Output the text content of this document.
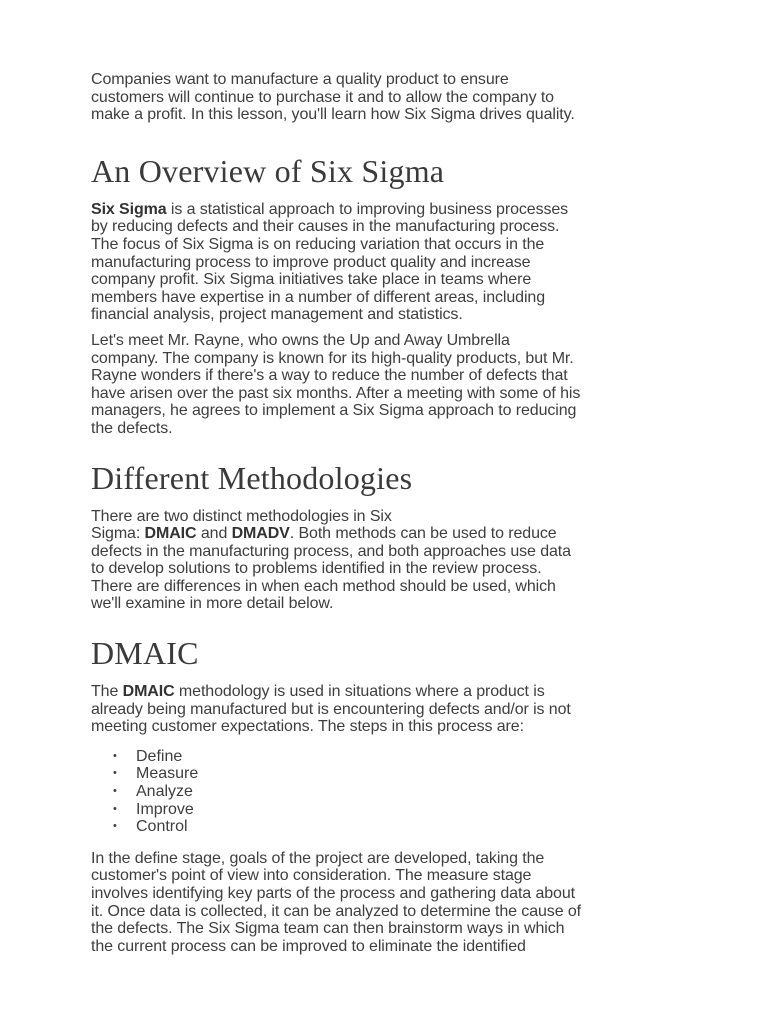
Companies want to manufacture a quality product to ensure
customers will continue to purchase it and to allow the company to
make a profit. In this lesson, you'll learn how Six Sigma drives quality.

An Overview of Six Sigma

Six Sigma is a statistical approach to improving business processes
by reducing defects and their causes in the manufacturing process.
The focus of Six Sigma is on reducing variation that occurs in the
manufacturing process to improve product quality and increase
company profit. Six Sigma initiatives take place in teams where
members have expertise in a number of different areas, including
financial analysis, project management and statistics.

Let's meet Mr. Rayne, who owns the Up and Away Umbrella
company. The company is known for its high-quality products, but Mr.
Rayne wonders if there's a way to reduce the number of defects that
have arisen over the past six months. After a meeting with some of his
managers, he agrees to implement a Six Sigma approach to reducing
the defects.

Different Methodologies

There are two distinct methodologies in Six
Sigma: DMAIC and DMADV. Both methods can be used to reduce
defects in the manufacturing process, and both approaches use data
to develop solutions to problems identified in the review process.
There are differences in when each method should be used, which
we'll examine in more detail below.

DMAIC

The DMAIC methodology is used in situations where a product is
already being manufactured but is encountering defects and/or is not
meeting customer expectations. The steps in this process are:

• Define
• Measure
• Analyze
• Improve
• Control

In the define stage, goals of the project are developed, taking the
customer's point of view into consideration. The measure stage
involves identifying key parts of the process and gathering data about
it. Once data is collected, it can be analyzed to determine the cause of
the defects. The Six Sigma team can then brainstorm ways in which
the current process can be improved to eliminate the identified
